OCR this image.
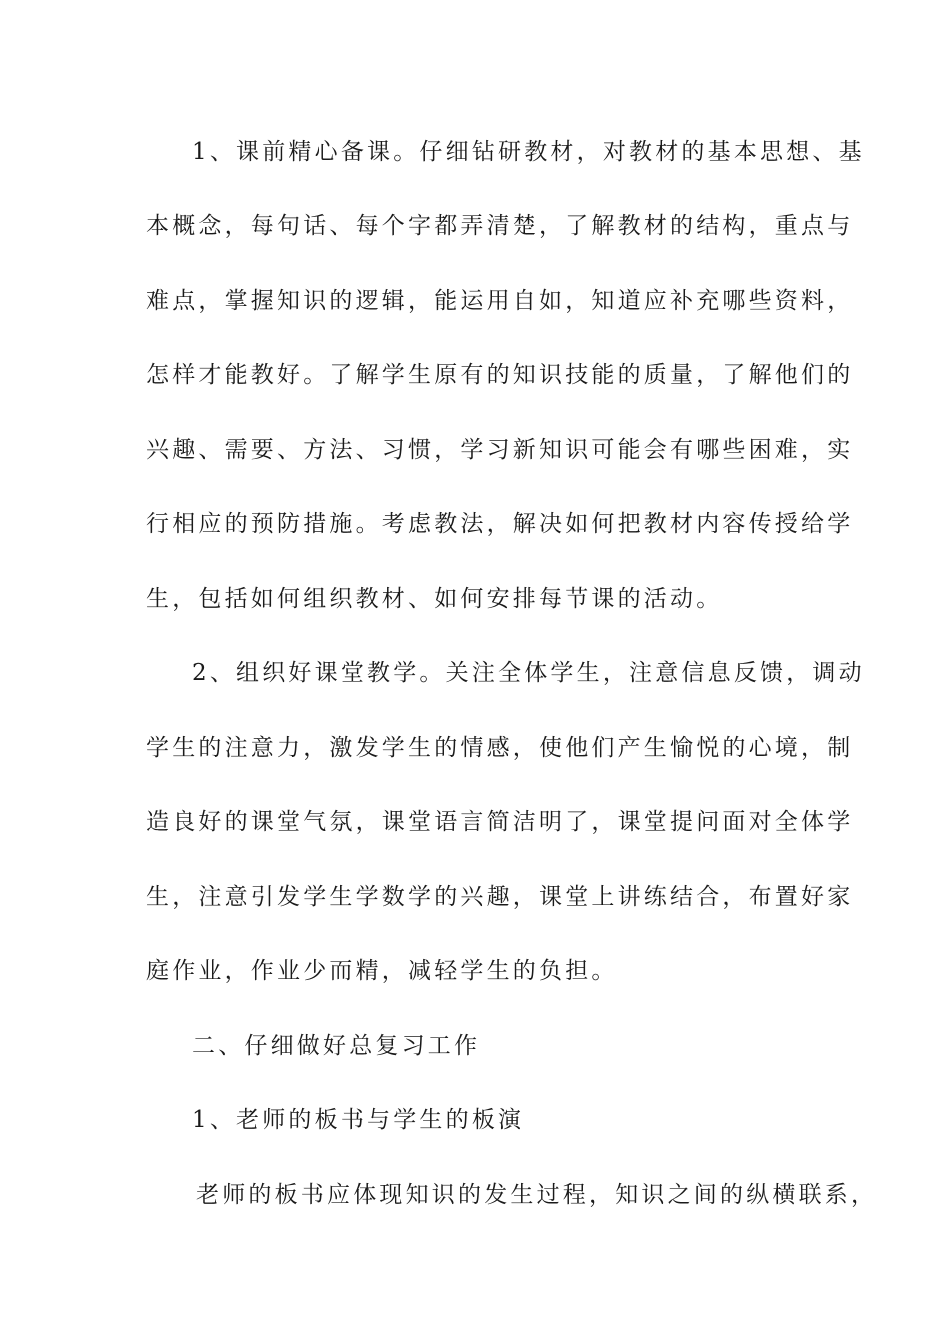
1、课前精心备课。仔细钻研教材，对教材的基本思想、基
本概念，每句话、每个字都弄清楚，了解教材的结构，重点与
难点，掌握知识的逻辑，能运用自如，知道应补充哪些资料，
怎样才能教好。了解学生原有的知识技能的质量，了解他们的
兴趣、需要、方法、习惯，学习新知识可能会有哪些困难，实
行相应的预防措施。考虑教法，解决如何把教材内容传授给学
生，包括如何组织教材、如何安排每节课的活动。
2、组织好课堂教学。关注全体学生，注意信息反馈，调动
学生的注意力，激发学生的情感，使他们产生愉悦的心境，制
造良好的课堂气氛，课堂语言简洁明了，课堂提问面对全体学
生，注意引发学生学数学的兴趣，课堂上讲练结合，布置好家
庭作业，作业少而精，减轻学生的负担。
二、仔细做好总复习工作
1、老师的板书与学生的板演
老师的板书应体现知识的发生过程，知识之间的纵横联系，
